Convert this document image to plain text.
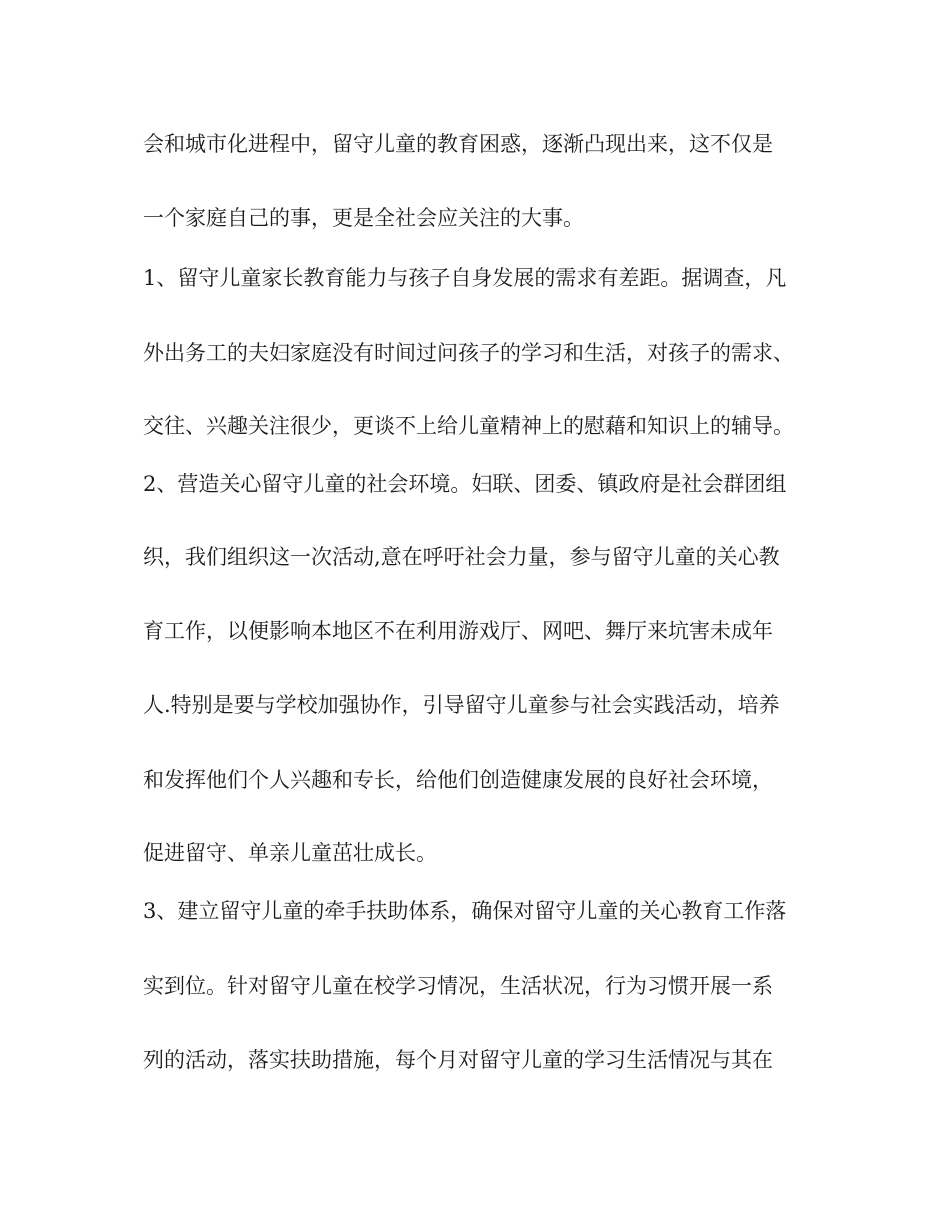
会和城市化进程中，留守儿童的教育困惑，逐渐凸现出来，这不仅是
一个家庭自己的事，更是全社会应关注的大事。
1、留守儿童家长教育能力与孩子自身发展的需求有差距。据调查，凡
外出务工的夫妇家庭没有时间过问孩子的学习和生活，对孩子的需求、
交往、兴趣关注很少，更谈不上给儿童精神上的慰藉和知识上的辅导。
2、营造关心留守儿童的社会环境。妇联、团委、镇政府是社会群团组
织，我们组织这一次活动,意在呼吁社会力量，参与留守儿童的关心教
育工作，以便影响本地区不在利用游戏厅、网吧、舞厅来坑害未成年
人.特别是要与学校加强协作，引导留守儿童参与社会实践活动，培养
和发挥他们个人兴趣和专长，给他们创造健康发展的良好社会环境，
促进留守、单亲儿童茁壮成长。
3、建立留守儿童的牵手扶助体系，确保对留守儿童的关心教育工作落
实到位。针对留守儿童在校学习情况，生活状况，行为习惯开展一系
列的活动，落实扶助措施，每个月对留守儿童的学习生活情况与其在
